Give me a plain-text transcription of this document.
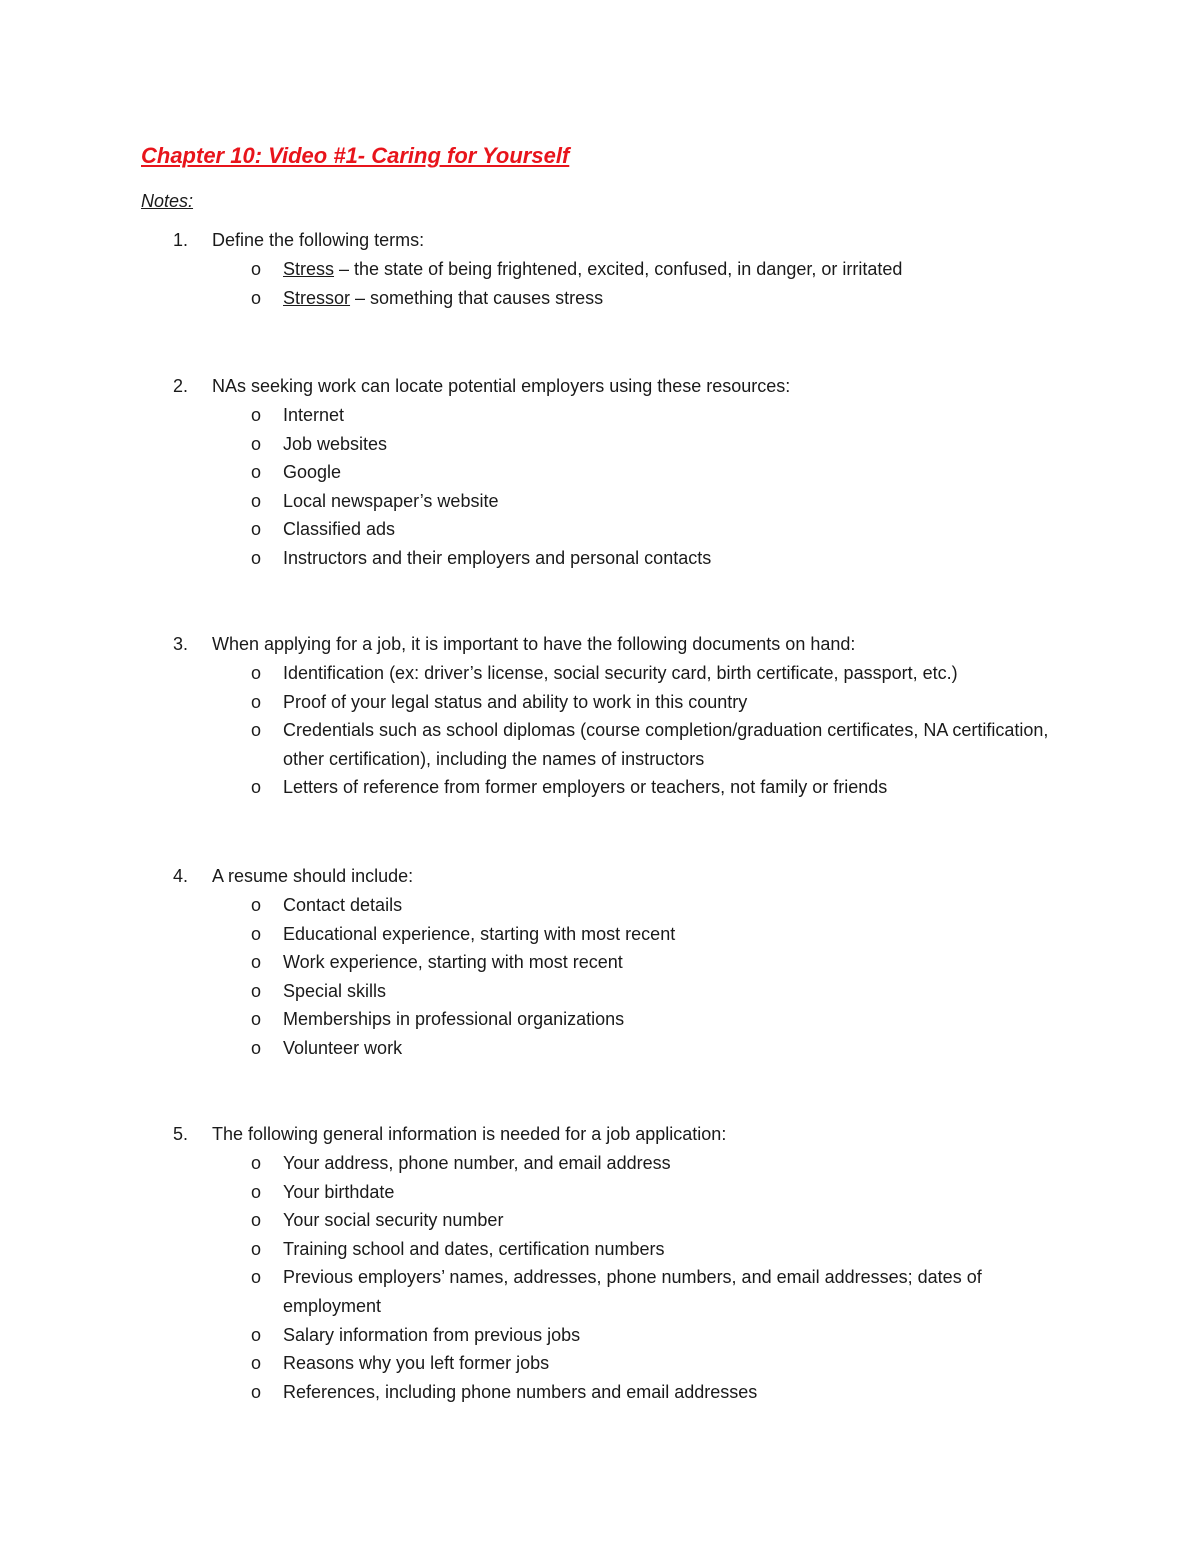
Chapter 10: Video #1- Caring for Yourself
Notes:
1. Define the following terms:
o Stress – the state of being frightened, excited, confused, in danger, or irritated
o Stressor – something that causes stress
2. NAs seeking work can locate potential employers using these resources:
o Internet
o Job websites
o Google
o Local newspaper’s website
o Classified ads
o Instructors and their employers and personal contacts
3. When applying for a job, it is important to have the following documents on hand:
o Identification (ex: driver’s license, social security card, birth certificate, passport, etc.)
o Proof of your legal status and ability to work in this country
o Credentials such as school diplomas (course completion/graduation certificates, NA certification, other certification), including the names of instructors
o Letters of reference from former employers or teachers, not family or friends
4. A resume should include:
o Contact details
o Educational experience, starting with most recent
o Work experience, starting with most recent
o Special skills
o Memberships in professional organizations
o Volunteer work
5. The following general information is needed for a job application:
o Your address, phone number, and email address
o Your birthdate
o Your social security number
o Training school and dates, certification numbers
o Previous employers’ names, addresses, phone numbers, and email addresses; dates of employment
o Salary information from previous jobs
o Reasons why you left former jobs
o References, including phone numbers and email addresses
